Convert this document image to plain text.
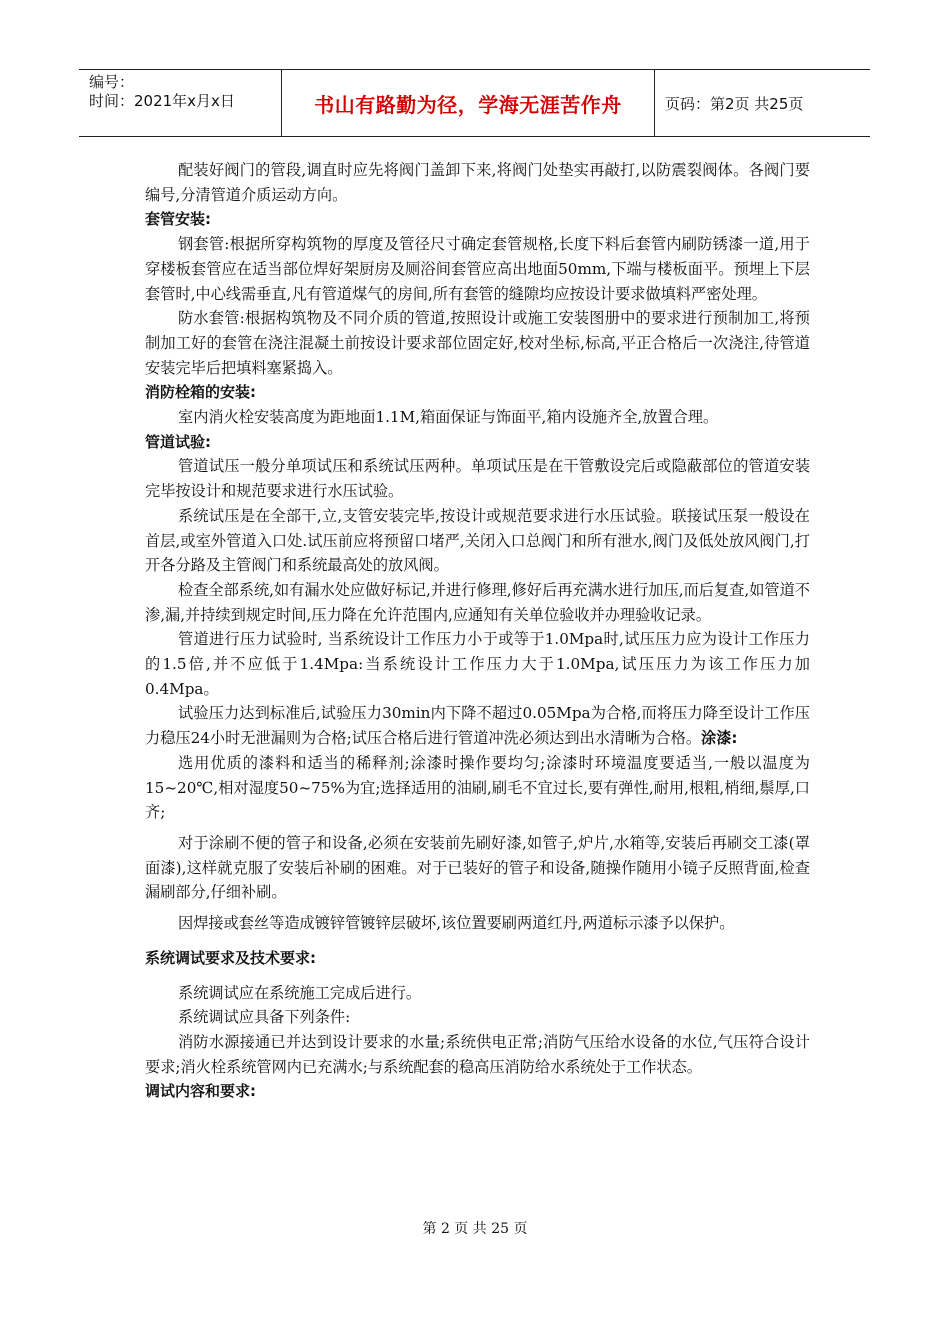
编号：
时间：2021年x月x日	书山有路勤为径，学海无涯苦作舟	页码：第2页 共25页

配装好阀门的管段,调直时应先将阀门盖卸下来,将阀门处垫实再敲打,以防震裂阀体。各阀门要编号,分清管道介质运动方向。

套管安装:

钢套管:根据所穿构筑物的厚度及管径尺寸确定套管规格,长度下料后套管内刷防锈漆一道,用于穿楼板套管应在适当部位焊好架厨房及厕浴间套管应高出地面50mm,下端与楼板面平。预埋上下层套管时,中心线需垂直,凡有管道煤气的房间,所有套管的缝隙均应按设计要求做填料严密处理。

防水套管:根据构筑物及不同介质的管道,按照设计或施工安装图册中的要求进行预制加工,将预制加工好的套管在浇注混凝土前按设计要求部位固定好,校对坐标,标高,平正合格后一次浇注,待管道安装完毕后把填料塞紧捣入。

消防栓箱的安装:

室内消火栓安装高度为距地面1.1M,箱面保证与饰面平,箱内设施齐全,放置合理。

管道试验:

管道试压一般分单项试压和系统试压两种。单项试压是在干管敷设完后或隐蔽部位的管道安装完毕按设计和规范要求进行水压试验。

系统试压是在全部干,立,支管安装完毕,按设计或规范要求进行水压试验。联接试压泵一般设在首层,或室外管道入口处.试压前应将预留口堵严,关闭入口总阀门和所有泄水,阀门及低处放风阀门,打开各分路及主管阀门和系统最高处的放风阀。

检查全部系统,如有漏水处应做好标记,并进行修理,修好后再充满水进行加压,而后复查,如管道不渗,漏,并持续到规定时间,压力降在允许范围内,应通知有关单位验收并办理验收记录。

管道进行压力试验时, 当系统设计工作压力小于或等于1.0Mpa时,试压压力应为设计工作压力的1.5倍,并不应低于1.4Mpa:当系统设计工作压力大于1.0Mpa,试压压力为该工作压力加0.4Mpa。

试验压力达到标准后,试验压力30min内下降不超过0.05Mpa为合格,而将压力降至设计工作压力稳压24小时无泄漏则为合格;试压合格后进行管道冲洗必须达到出水清晰为合格。涂漆:

选用优质的漆料和适当的稀释剂;涂漆时操作要均匀;涂漆时环境温度要适当,一般以温度为15~20℃,相对湿度50~75%为宜;选择适用的油刷,刷毛不宜过长,要有弹性,耐用,根粗,梢细,鬃厚,口齐;

对于涂刷不便的管子和设备,必须在安装前先刷好漆,如管子,炉片,水箱等,安装后再刷交工漆(罩面漆),这样就克服了安装后补刷的困难。对于已装好的管子和设备,随操作随用小镜子反照背面,检查漏刷部分,仔细补刷。

因焊接或套丝等造成镀锌管镀锌层破坏,该位置要刷两道红丹,两道标示漆予以保护。

系统调试要求及技术要求:

系统调试应在系统施工完成后进行。

系统调试应具备下列条件:

消防水源接通已并达到设计要求的水量;系统供电正常;消防气压给水设备的水位,气压符合设计要求;消火栓系统管网内已充满水;与系统配套的稳高压消防给水系统处于工作状态。

调试内容和要求:

第 2 页 共 25 页
